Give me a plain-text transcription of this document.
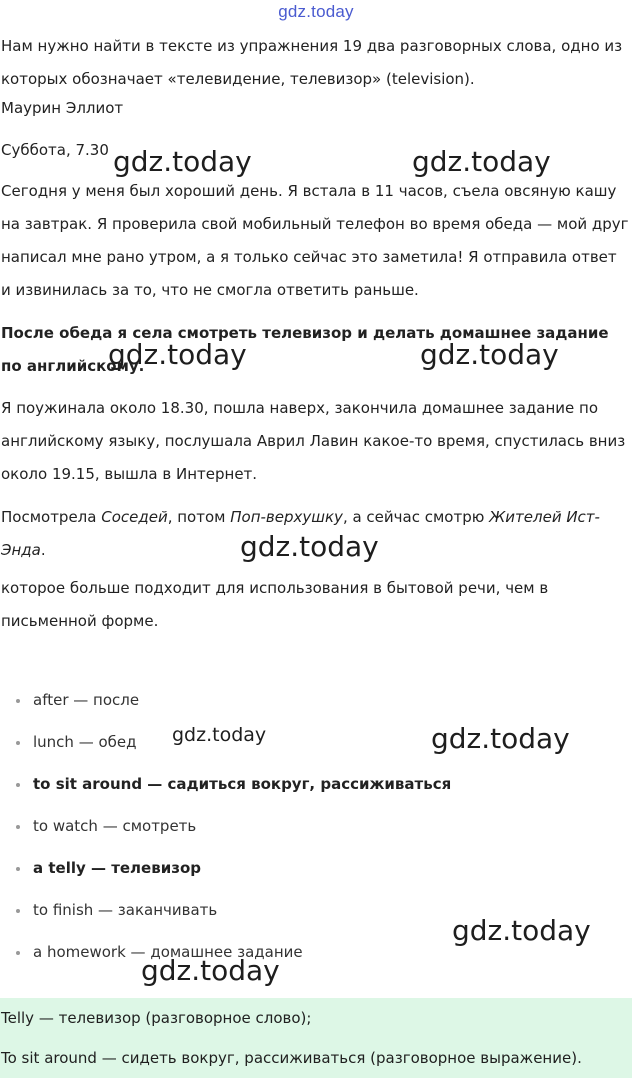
gdz.today

Нам нужно найти в тексте из упражнения 19 два разговорных слова, одно из которых обозначает «телевидение, телевизор» (television).

Маурин Эллиот

Суббота, 7.30

Сегодня у меня был хороший день. Я встала в 11 часов, съела овсяную кашу на завтрак. Я проверила свой мобильный телефон во время обеда — мой друг написал мне рано утром, а я только сейчас это заметила! Я отправила ответ и извинилась за то, что не смогла ответить раньше.

После обеда я села смотреть телевизор и делать домашнее задание по английскому.

Я поужинала около 18.30, пошла наверх, закончила домашнее задание по английскому языку, послушала Аврил Лавин какое-то время, спустилась вниз около 19.15, вышла в Интернет.

Посмотрела Соседей, потом Поп-верхушку, а сейчас смотрю Жителей Ист-Энда.

которое больше подходит для использования в бытовой речи, чем в письменной форме.

after — после
lunch — обед
to sit around — садиться вокруг, рассиживаться
to watch — смотреть
a telly — телевизор
to finish — заканчивать
a homework — домашнее задание

Telly — телевизор (разговорное слово);

To sit around — сидеть вокруг, рассиживаться (разговорное выражение).

gdz.today	gdz.today
gdz.today	gdz.today
gdz.today
gdz.today	gdz.today
gdz.today
gdz.today
